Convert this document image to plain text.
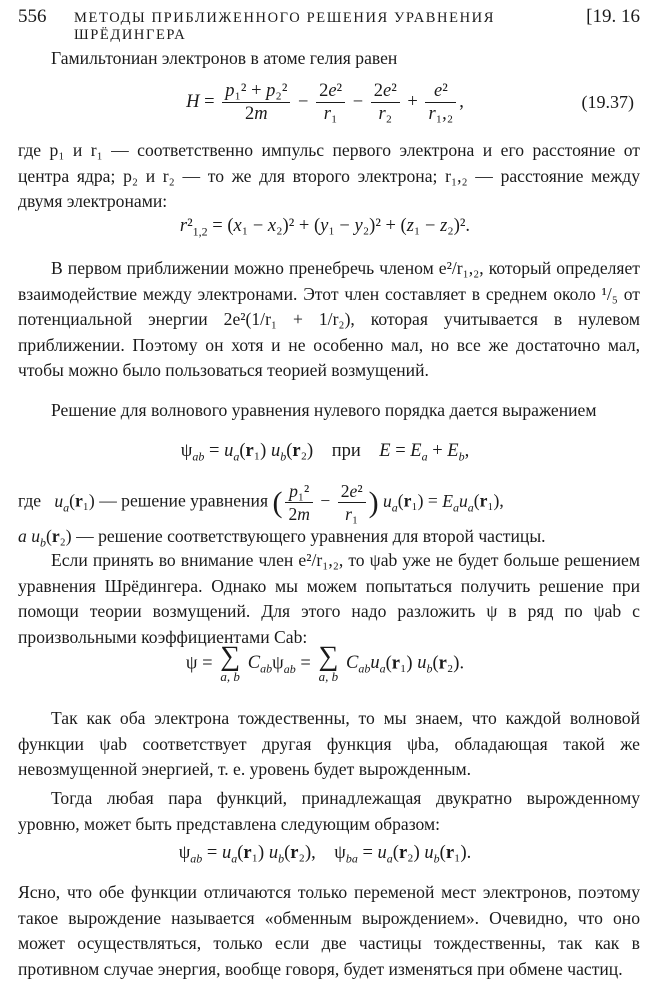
556	МЕТОДЫ ПРИБЛИЖЕННОГО РЕШЕНИЯ УРАВНЕНИЯ ШРЁДИНГЕРА
[19. 16

Гамильтониан электронов в атоме гелия равен

$H = \frac{\text{p₁² + p₂²}}{2m} - \frac{\text{2e²}}{\text{r₁}} - \frac{\text{2e²}}{\text{r₂}} + \frac{\text{e²}}{\text{r₁,₂}}$ ,	(19.37)

где p₁ и r₁ — соответственно импульс первого электрона и его расстояние от центра ядра; p₂ и r₂ — то же для второго электрона; r₁,₂ — расстояние между двумя электронами:

$r^2_{1,2} = (x_1 - x_2)^2 + (y_1 - y_2)^2 + (z_1 - z_2)^2$.

В первом приближении можно пренебречь членом e²/r₁,₂, который определяет взаимодействие между электронами. Этот член составляет в среднем около ¹/₅ от потенциальной энергии 2e²(1/r₁ + 1/r₂), которая учитывается в нулевом приближении. Поэтому он хотя и не особенно мал, но все же достаточно мал, чтобы можно было пользоваться теорией возмущений.

Решение для волнового уравнения нулевого порядка дается выражением

$\psi_{ab} = u_a(r_1)$ $u_b(r_2)$    при $E = E_a + E_b$,
где $u_a(r_1)$ — решение уравнения ( $\frac{\text{p₁²}}{2m} - \frac{\text{2e²}}{\text{r₁}}$ ) $u_a(r_1) = E_au_a(r_1)$,
a $u_b(r_2)$ — решение соответствующего уравнения для второй частицы.

Если принять во внимание член e²/r₁,₂, то ψab уже не будет больше решением уравнения Шрёдингера. Однако мы можем попытаться получить решение при помощи теории возмущений. Для этого надо разложить ψ в ряд по ψab с произвольными коэффициентами Cab:

ψ = ∑
a, b
$C_{ab}\psi_{ab}$ = ∑
a, b
$C_{ab}u_a(r_1)$ $u_b(r_2)$.

Так как оба электрона тождественны, то мы знаем, что каждой волновой функции ψab соответствует другая функция ψba, обладающая такой же невозмущенной энергией, т. е. уровень будет вырожденным.

Тогда любая пара функций, принадлежащая двукратно вырожденному уровню, может быть представлена следующим образом:

$\psi_{ab} = u_a(r_1)$ $u_b(r_2)$,    $\psi_{ba} = u_a(r_2)$ $u_b(r_1)$.

Ясно, что обе функции отличаются только переменой мест электронов, поэтому такое вырождение называется «обменным вырождением». Очевидно, что оно может осуществляться, только если две частицы тождественны, так как в противном случае энергия, вообще говоря, будет изменяться при обмене частиц.
